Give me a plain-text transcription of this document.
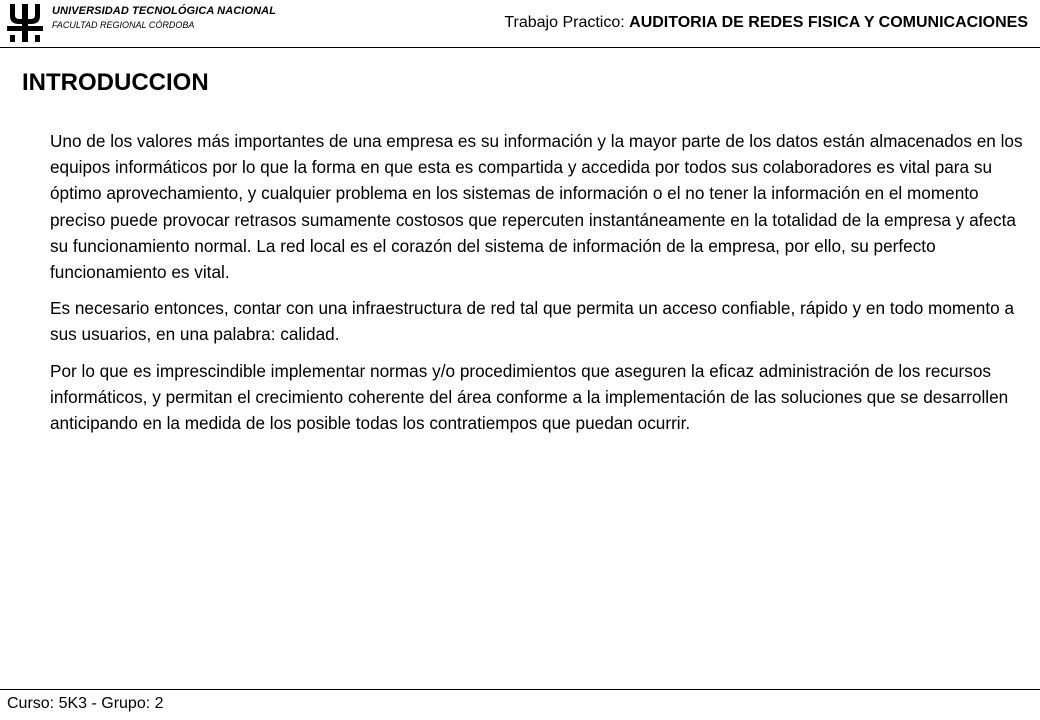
UNIVERSIDAD TECNOLÓGICA NACIONAL
FACULTAD REGIONAL CÓRDOBA	Trabajo Practico: AUDITORIA DE REDES FISICA Y COMUNICACIONES
INTRODUCCION

Uno de los valores más importantes de una empresa es su información y la mayor parte de los datos están almacenados en los equipos informáticos por lo que la forma en que esta es compartida y accedida por todos sus colaboradores es vital para su óptimo aprovechamiento, y cualquier problema en los sistemas de información o el no tener la información en el momento preciso puede provocar retrasos sumamente costosos que repercuten instantáneamente en la totalidad de la empresa y afecta su funcionamiento normal. La red local es el corazón del sistema de información de la empresa, por ello, su perfecto funcionamiento es vital.

Es necesario entonces, contar con una infraestructura de red tal que permita un acceso confiable, rápido y en todo momento a sus usuarios, en una palabra: calidad.

Por lo que es imprescindible implementar normas y/o procedimientos que aseguren la eficaz administración de los recursos informáticos, y permitan el crecimiento coherente del área conforme a la implementación de las soluciones que se desarrollen anticipando en la medida de los posible todas los contratiempos que puedan ocurrir.

Curso: 5K3 - Grupo: 2
